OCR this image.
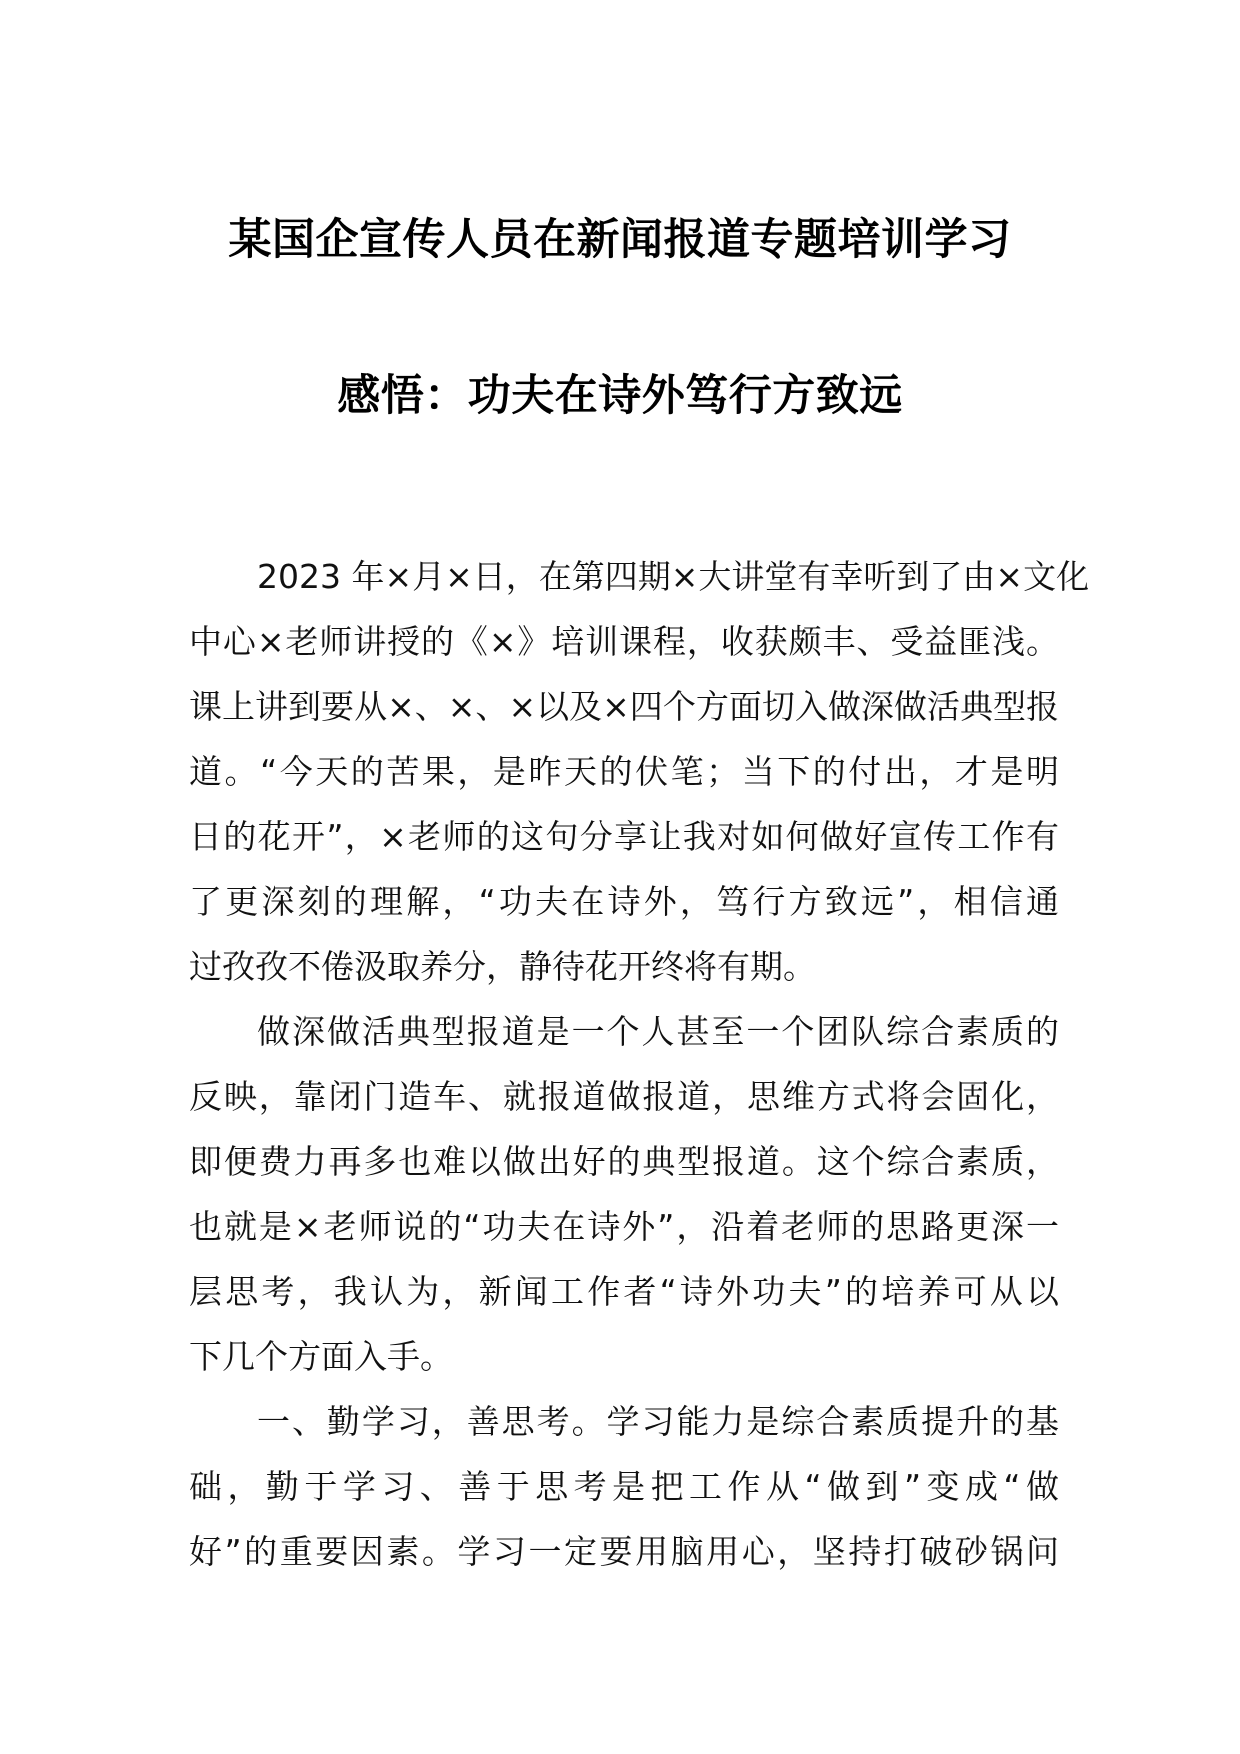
某国企宣传人员在新闻报道专题培训学习
感悟：功夫在诗外笃行方致远

2023 年×月×日，在第四期×大讲堂有幸听到了由×文化
中心×老师讲授的《×》培训课程，收获颇丰、受益匪浅。
课上讲到要从×、×、×以及×四个方面切入做深做活典型报
道。“今天的苦果，是昨天的伏笔；当下的付出，才是明
日的花开”，×老师的这句分享让我对如何做好宣传工作有
了更深刻的理解，“功夫在诗外，笃行方致远”，相信通
过孜孜不倦汲取养分，静待花开终将有期。

做深做活典型报道是一个人甚至一个团队综合素质的
反映，靠闭门造车、就报道做报道，思维方式将会固化，
即便费力再多也难以做出好的典型报道。这个综合素质，
也就是×老师说的“功夫在诗外”，沿着老师的思路更深一
层思考，我认为，新闻工作者“诗外功夫”的培养可从以
下几个方面入手。

一、勤学习，善思考。学习能力是综合素质提升的基
础，勤于学习、善于思考是把工作从“做到”变成“做
好”的重要因素。学习一定要用脑用心，坚持打破砂锅问
